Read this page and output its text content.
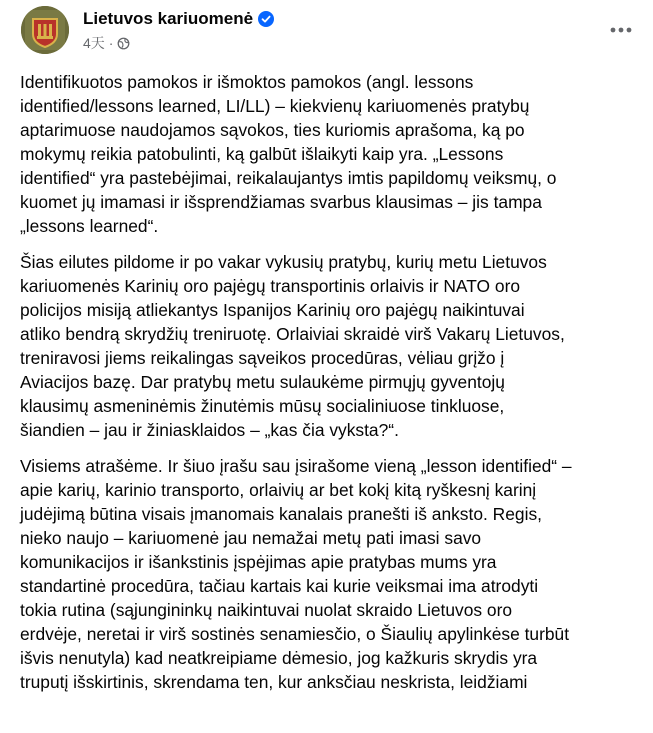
Lietuvos kariuomenė
4天 ·

Identifikuotos pamokos ir išmoktos pamokos (angl. lessons
identified/lessons learned, LI/LL) – kiekvienų kariuomenės pratybų
aptarimuose naudojamos sąvokos, ties kuriomis aprašoma, ką po
mokymų reikia patobulinti, ką galbūt išlaikyti kaip yra. „Lessons
identified“ yra pastebėjimai, reikalaujantys imtis papildomų veiksmų, o
kuomet jų imamasi ir išsprendžiamas svarbus klausimas – jis tampa
„lessons learned“.

Šias eilutes pildome ir po vakar vykusių pratybų, kurių metu Lietuvos
kariuomenės Karinių oro pajėgų transportinis orlaivis ir NATO oro
policijos misiją atliekantys Ispanijos Karinių oro pajėgų naikintuvai
atliko bendrą skrydžių treniruotę. Orlaiviai skraidė virš Vakarų Lietuvos,
treniravosi jiems reikalingas sąveikos procedūras, vėliau grįžo į
Aviacijos bazę. Dar pratybų metu sulaukėme pirmųjų gyventojų
klausimų asmeninėmis žinutėmis mūsų socialiniuose tinkluose,
šiandien – jau ir žiniasklaidos – „kas čia vyksta?“.

Visiems atrašėme. Ir šiuo įrašu sau įsirašome vieną „lesson identified“ –
apie karių, karinio transporto, orlaivių ar bet kokį kitą ryškesnį karinį
judėjimą būtina visais įmanomais kanalais pranešti iš anksto. Regis,
nieko naujo – kariuomenė jau nemažai metų pati imasi savo
komunikacijos ir išankstinis įspėjimas apie pratybas mums yra
standartinė procedūra, tačiau kartais kai kurie veiksmai ima atrodyti
tokia rutina (sąjungininkų naikintuvai nuolat skraido Lietuvos oro
erdvėje, neretai ir virš sostinės senamiesčio, o Šiaulių apylinkėse turbūt
išvis nenutyla) kad neatkreipiame dėmesio, jog kažkuris skrydis yra
truputį išskirtinis, skrendama ten, kur anksčiau neskrista, leidžiami
